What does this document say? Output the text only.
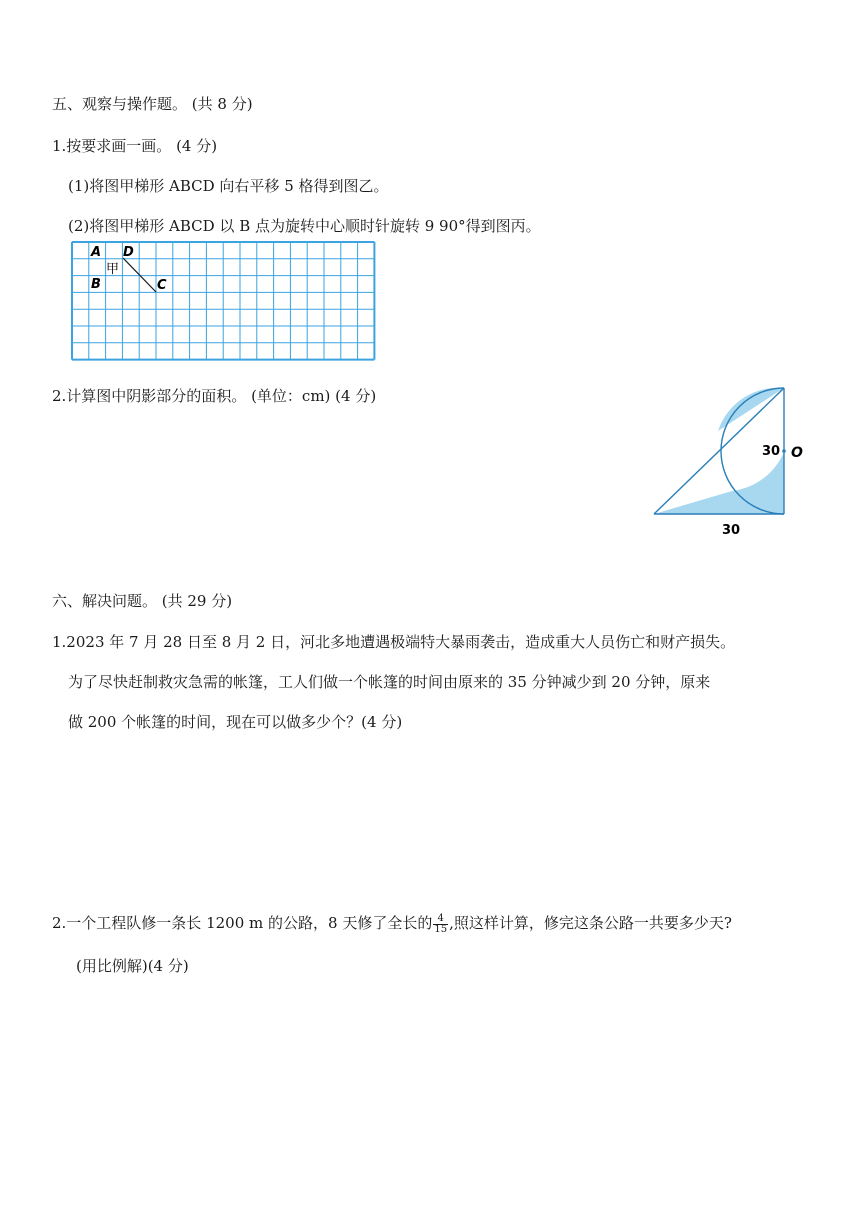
五、观察与操作题。 (共 8 分)
1.按要求画一画。 (4 分)
(1)将图甲梯形 ABCD 向右平移 5 格得到图乙。
(2)将图甲梯形 ABCD 以 B 点为旋转中心顺时针旋转 9 90°得到图丙。
A D
B	C
甲
2.计算图中阴影部分的面积。 (单位：cm) (4 分)
30 O
30
六、解决问题。 (共 29 分)
1.2023 年 7 月 28 日至 8 月 2 日，河北多地遭遇极端特大暴雨袭击，造成重大人员伤亡和财产损失。
为了尽快赶制救灾急需的帐篷，工人们做一个帐篷的时间由原来的 35 分钟减少到 20 分钟，原来
做 200 个帐篷的时间，现在可以做多少个？(4 分)
2.一个工程队修一条长 1200 m 的公路，8 天修了全长的 $\frac{4}{15}$ ,照这样计算，修完这条公路一共要多少天?
(用比例解)(4 分)
